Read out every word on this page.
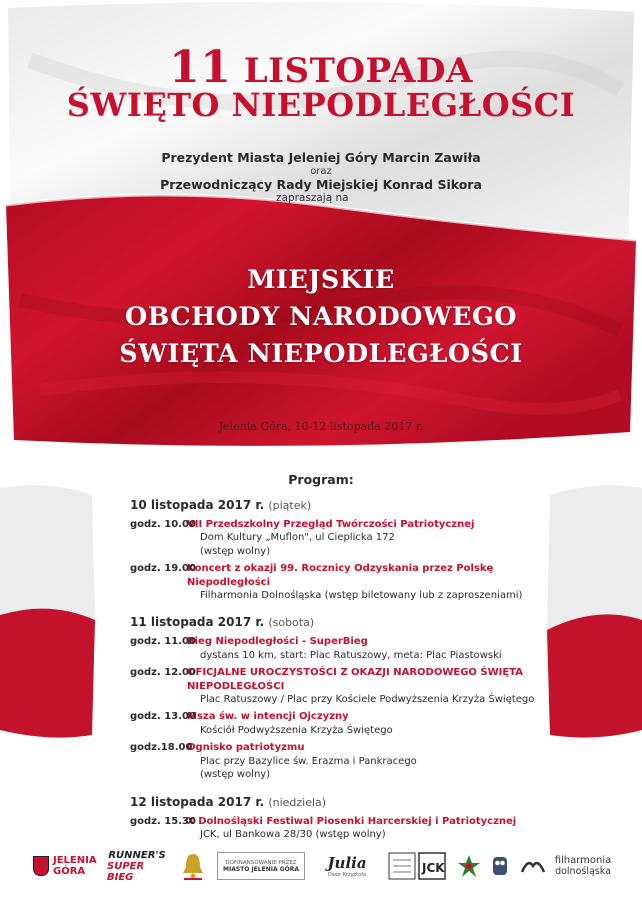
11 LISTOPADA
ŚWIĘTO NIEPODLEGŁOŚCI
Prezydent Miasta Jeleniej Góry Marcin Zawiła
oraz
Przewodniczący Rady Miejskiej Konrad Sikora
zapraszają na
MIEJSKIE
OBCHODY NARODOWEGO
ŚWIĘTA NIEPODLEGŁOŚCI
Jelenia Góra, 10-12 listopada 2017 r.
Program:
10 listopada 2017 r. (piątek)
godz. 10.00
VII Przedszkolny Przegląd Twórczości Patriotycznej
Dom Kultury „Muflon", ul Cieplicka 172
(wstęp wolny)
godz. 19.00
Koncert z okazji 99. Rocznicy Odzyskania przez Polskę Niepodległości
Filharmonia Dolnośląska (wstęp biletowany lub z zaproszeniami)
11 listopada 2017 r. (sobota)
godz. 11.00
Bieg Niepodległości - SuperBieg
dystans 10 km, start: Plac Ratuszowy, meta: Plac Piastowski
godz. 12.00
OFICJALNE UROCZYSTOŚCI Z OKAZJI NARODOWEGO ŚWIĘTA NIEPODLEGŁOŚCI
Plac Ratuszowy / Plac przy Kościele Podwyższenia Krzyża Świętego
godz. 13.00
Msza św. w intencji Ojczyzny
Kościół Podwyższenia Krzyża Świętego
godz.18.00
Ognisko patriotyzmu
Plac przy Bazylice św. Erazma i Pankracego
(wstęp wolny)
12 listopada 2017 r. (niedziela)
godz. 15.30
X Dolnośląski Festiwal Piosenki Harcerskiej i Patriotycznej
JCK, ul Bankowa 28/30 (wstęp wolny)
JELENIA GÓRA
RUNNER'S
SUPER BIEG
DOFINANSOWANIE PRZEZ
MIASTO JELENIA GÓRA Julia
Dwór Krzyżtofa	JCK
filharmonia
dolnośląska
